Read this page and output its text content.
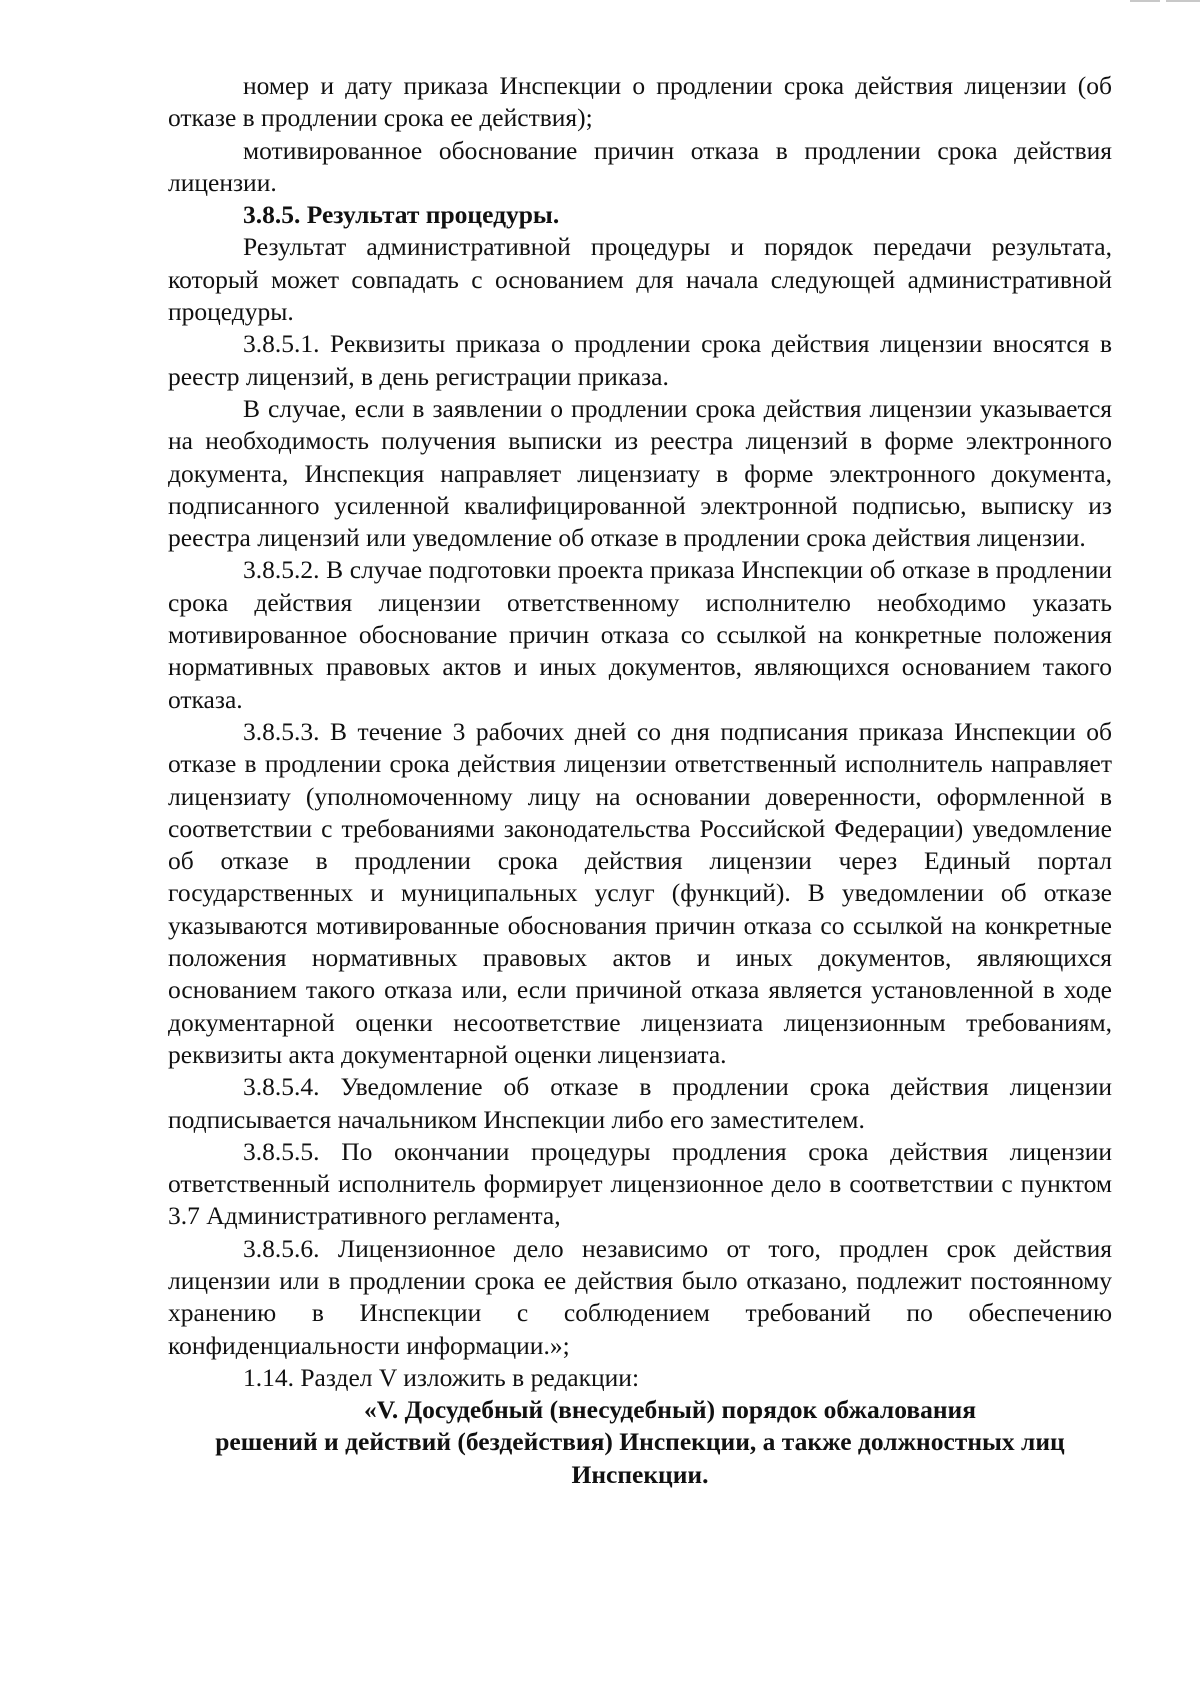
номер и дату приказа Инспекции о продлении срока действия лицензии (об отказе в продлении срока ее действия);

мотивированное обоснование причин отказа в продлении срока действия лицензии.

3.8.5. Результат процедуры.

Результат административной процедуры и порядок передачи результата, который может совпадать с основанием для начала следующей административной процедуры.

3.8.5.1. Реквизиты приказа о продлении срока действия лицензии вносятся в реестр лицензий, в день регистрации приказа.

В случае, если в заявлении о продлении срока действия лицензии указывается на необходимость получения выписки из реестра лицензий в форме электронного документа, Инспекция направляет лицензиату в форме электронного документа, подписанного усиленной квалифицированной электронной подписью, выписку из реестра лицензий или уведомление об отказе в продлении срока действия лицензии.

3.8.5.2. В случае подготовки проекта приказа Инспекции об отказе в продлении срока действия лицензии ответственному исполнителю необходимо указать мотивированное обоснование причин отказа со ссылкой на конкретные положения нормативных правовых актов и иных документов, являющихся основанием такого отказа.

3.8.5.3. В течение 3 рабочих дней со дня подписания приказа Инспекции об отказе в продлении срока действия лицензии ответственный исполнитель направляет лицензиату (уполномоченному лицу на основании доверенности, оформленной в соответствии с требованиями законодательства Российской Федерации) уведомление об отказе в продлении срока действия лицензии через Единый портал государственных и муниципальных услуг (функций). В уведомлении об отказе указываются мотивированные обоснования причин отказа со ссылкой на конкретные положения нормативных правовых актов и иных документов, являющихся основанием такого отказа или, если причиной отказа является установленной в ходе документарной оценки несоответствие лицензиата лицензионным требованиям, реквизиты акта документарной оценки лицензиата.

3.8.5.4. Уведомление об отказе в продлении срока действия лицензии подписывается начальником Инспекции либо его заместителем.

3.8.5.5. По окончании процедуры продления срока действия лицензии ответственный исполнитель формирует лицензионное дело в соответствии с пунктом 3.7 Административного регламента,

3.8.5.6. Лицензионное дело независимо от того, продлен срок действия лицензии или в продлении срока ее действия было отказано, подлежит постоянному хранению в Инспекции с соблюдением требований по обеспечению конфиденциальности информации.»;

1.14. Раздел V изложить в редакции:

«V. Досудебный (внесудебный) порядок обжалования
решений и действий (бездействия) Инспекции, а также должностных лиц
Инспекции.
